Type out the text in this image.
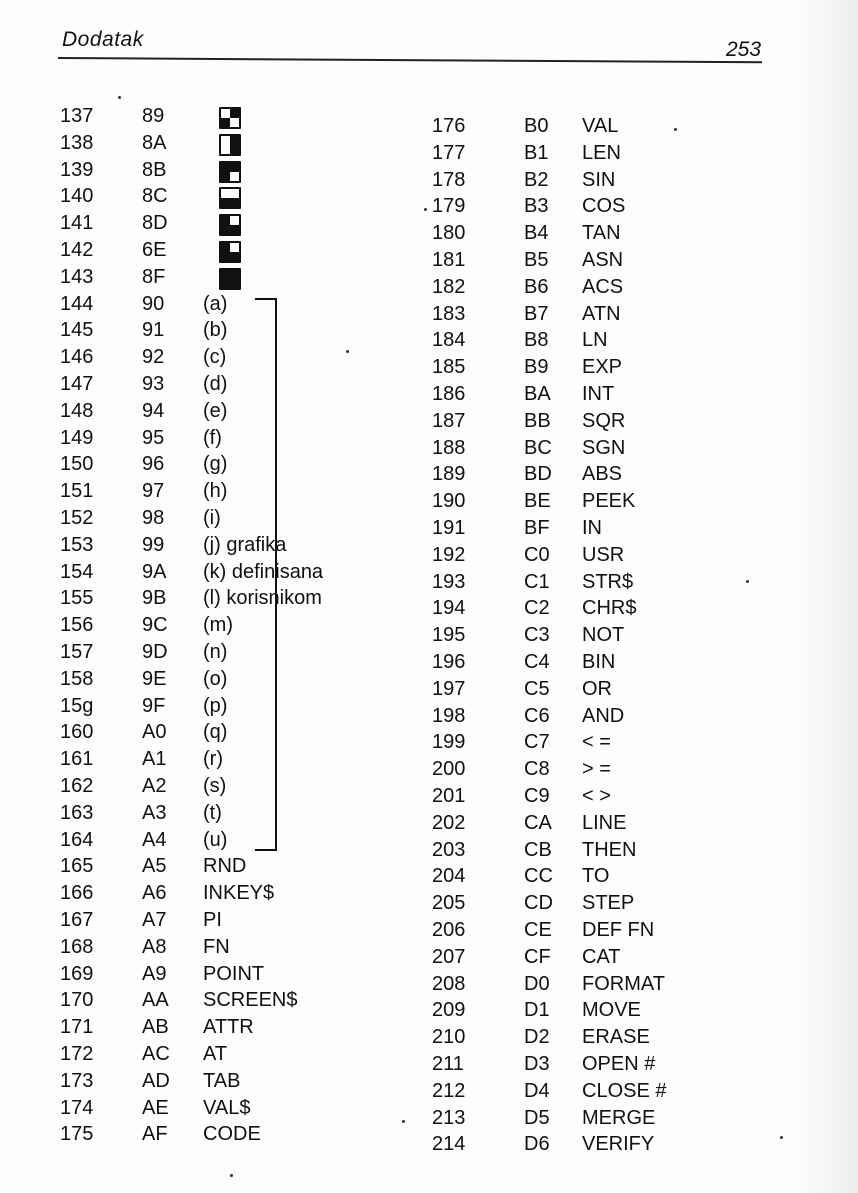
Dodatak	253
137 89
138 8A
139 8B
140 8C
141 8D
142 6E
143 8F
144 90 (a)
145 91 (b)
146 92 (c)
147 93 (d)
148 94 (e)
149 95 (f)
150 96 (g)
151 97 (h)
152 98 (i)
153 99 (j) grafika
154 9A (k) definisana
155 9B (l) korisnikom
156 9C (m)
157 9D (n)
158 9E (o)
15g 9F (p)
160 A0 (q)
161 A1 (r)
162 A2 (s)
163 A3 (t)
164 A4 (u)
165 A5 RND
166 A6 INKEY$
167 A7 PI
168 A8 FN
169 A9 POINT
170 AA SCREEN$
171 AB ATTR
172 AC AT
173 AD TAB
174 AE VAL$
175 AF CODE
176	B0 VAL
177	B1 LEN
178	B2 SIN
179	B3 COS
180	B4 TAN
181	B5 ASN
182	B6 ACS
183	B7 ATN
184	B8 LN
185	B9 EXP
186	BA INT
187	BB SQR
188	BC SGN
189	BD ABS
190	BE PEEK
191	BF IN
192	C0 USR
193	C1 STR$
194	C2 CHR$
195	C3 NOT
196	C4 BIN
197	C5 OR
198	C6 AND
199	C7 < =
200	C8 > =
201	C9 < >
202	CA LINE
203	CB THEN
204	CC TO
205	CD STEP
206	CE DEF FN
207	CF CAT
208	D0 FORMAT
209	D1 MOVE
210	D2 ERASE
211	D3 OPEN #
212	D4 CLOSE #
213	D5 MERGE
214	D6 VERIFY
